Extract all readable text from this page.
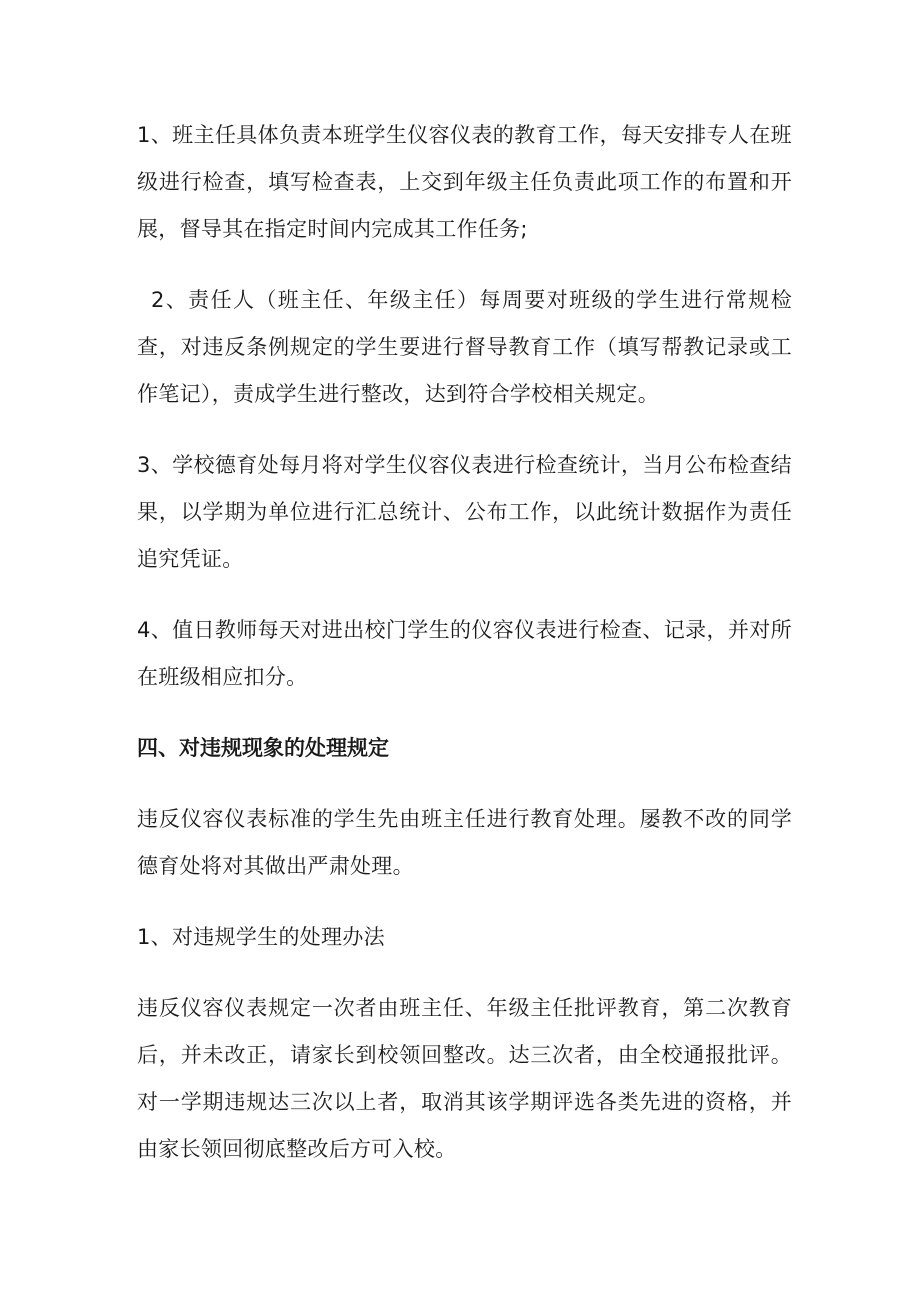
1、班主任具体负责本班学生仪容仪表的教育工作，每天安排专人在班级进行检查，填写检查表，上交到年级主任负责此项工作的布置和开展，督导其在指定时间内完成其工作任务;

2、责任人（班主任、年级主任）每周要对班级的学生进行常规检查，对违反条例规定的学生要进行督导教育工作（填写帮教记录或工作笔记），责成学生进行整改，达到符合学校相关规定。

3、学校德育处每月将对学生仪容仪表进行检查统计，当月公布检查结果，以学期为单位进行汇总统计、公布工作，以此统计数据作为责任追究凭证。

4、值日教师每天对进出校门学生的仪容仪表进行检查、记录，并对所在班级相应扣分。

四、对违规现象的处理规定

违反仪容仪表标准的学生先由班主任进行教育处理。屡教不改的同学德育处将对其做出严肃处理。

1、对违规学生的处理办法

违反仪容仪表规定一次者由班主任、年级主任批评教育，第二次教育后，并未改正，请家长到校领回整改。达三次者，由全校通报批评。对一学期违规达三次以上者，取消其该学期评选各类先进的资格，并由家长领回彻底整改后方可入校。
